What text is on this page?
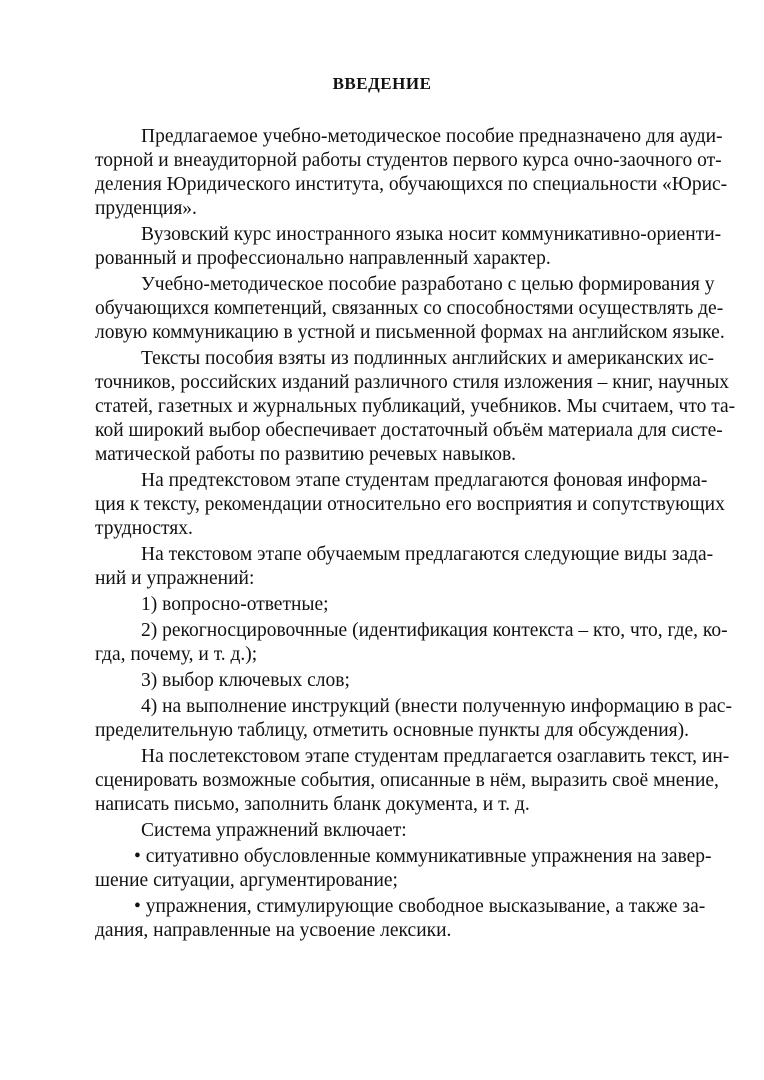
ВВЕДЕНИЕ
Предлагаемое учебно-методическое пособие предназначено для ауди-
торной и внеаудиторной работы студентов первого курса очно-заочного от-
деления Юридического института, обучающихся по специальности «Юрис-
пруденция».
Вузовский курс иностранного языка носит коммуникативно-ориенти-
рованный и профессионально направленный характер.
Учебно-методическое пособие разработано с целью формирования у
обучающихся компетенций, связанных со способностями осуществлять де-
ловую коммуникацию в устной и письменной формах на английском языке.
Тексты пособия взяты из подлинных английских и американских ис-
точников, российских изданий различного стиля изложения – книг, научных
статей, газетных и журнальных публикаций, учебников. Мы считаем, что та-
кой широкий выбор обеспечивает достаточный объём материала для систе-
матической работы по развитию речевых навыков.
На предтекстовом этапе студентам предлагаются фоновая информа-
ция к тексту, рекомендации относительно его восприятия и сопутствующих
трудностях.
На текстовом этапе обучаемым предлагаются следующие виды зада-
ний и упражнений:
1) вопросно-ответные;
2) рекогносцировочнные (идентификация контекста – кто, что, где, ко-
гда, почему, и т. д.);
3) выбор ключевых слов;
4) на выполнение инструкций (внести полученную информацию в рас-
пределительную таблицу, отметить основные пункты для обсуждения).
На послетекстовом этапе студентам предлагается озаглавить текст, ин-
сценировать возможные события, описанные в нём, выразить своё мнение,
написать письмо, заполнить бланк документа, и т. д.
Система упражнений включает:
• ситуативно обусловленные коммуникативные упражнения на завер-
шение ситуации, аргументирование;
• упражнения, стимулирующие свободное высказывание, а также за-
дания, направленные на усвоение лексики.
